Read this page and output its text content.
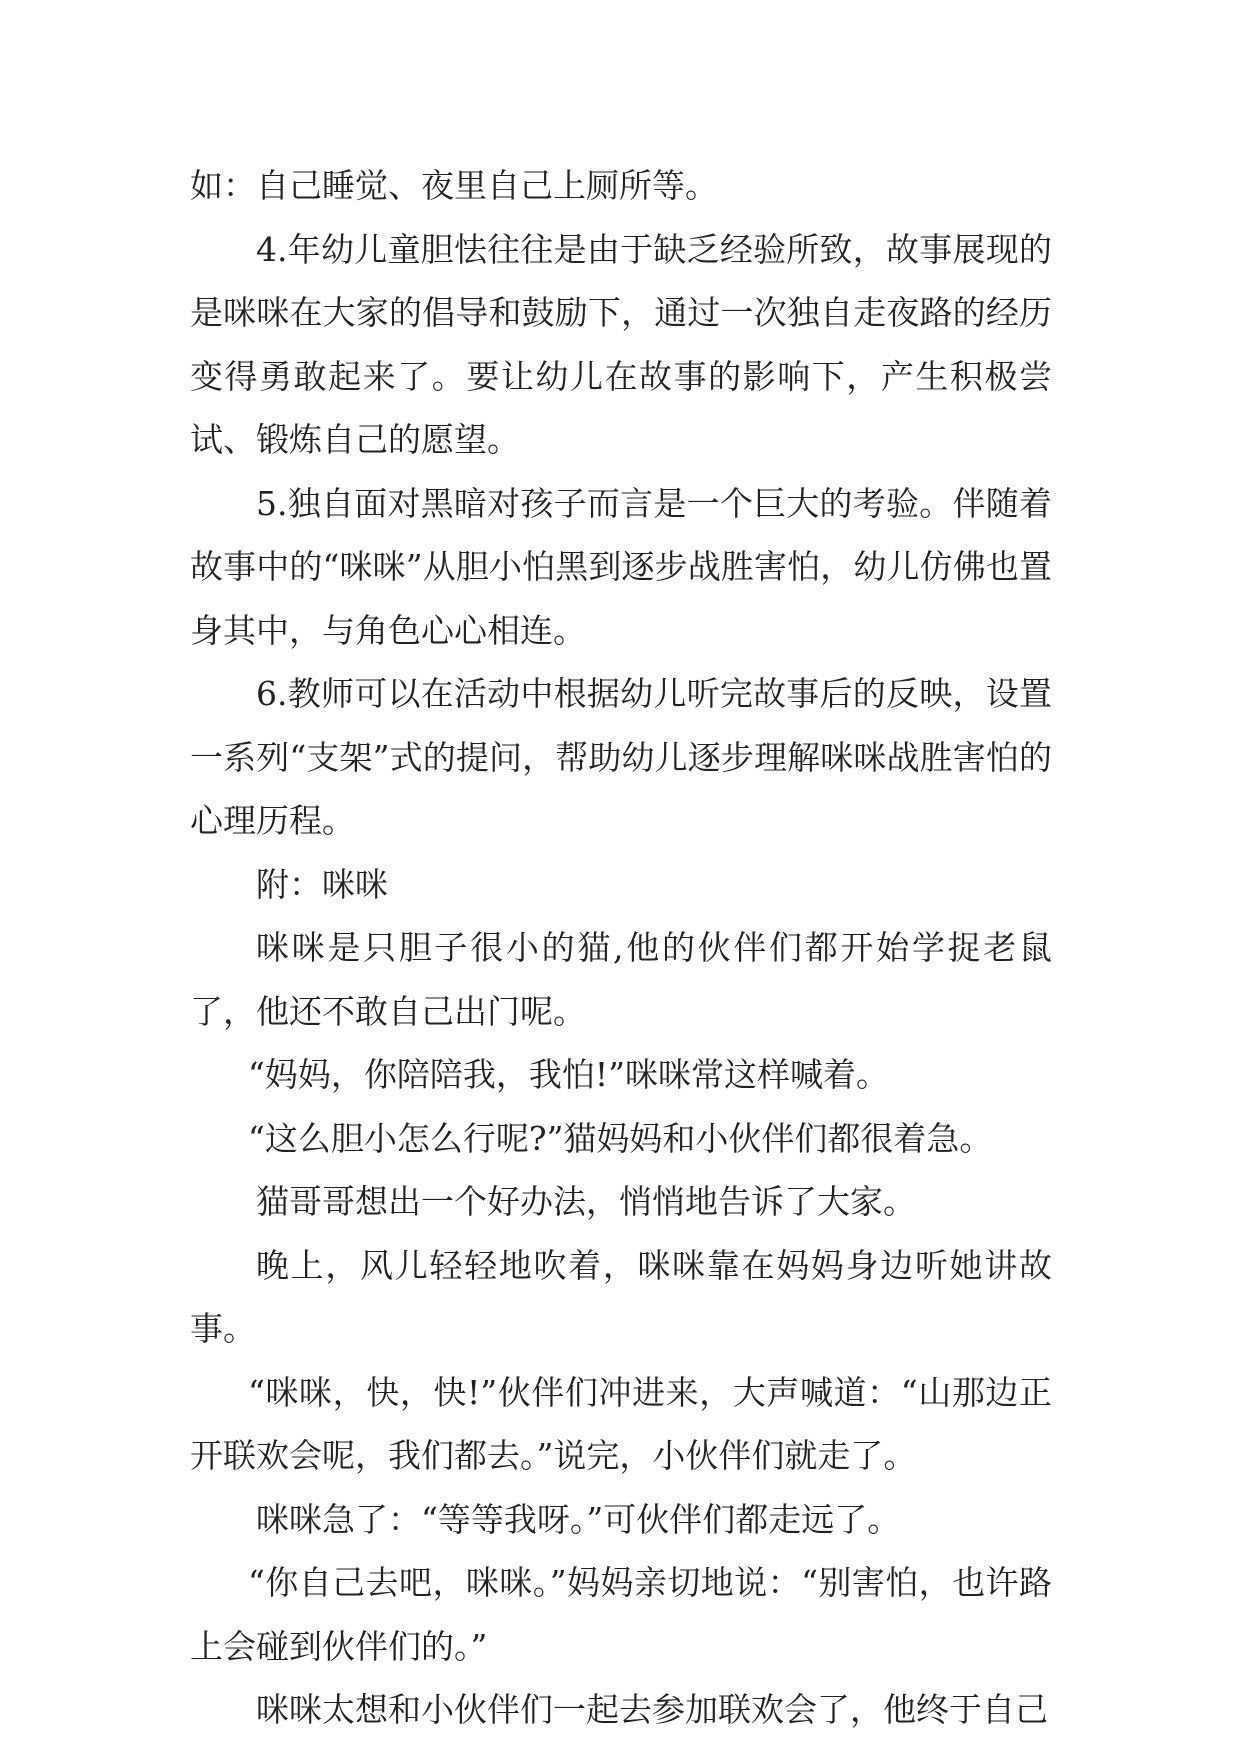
如：自己睡觉、夜里自己上厕所等。

4.年幼儿童胆怯往往是由于缺乏经验所致，故事展现的是咪咪在大家的倡导和鼓励下，通过一次独自走夜路的经历变得勇敢起来了。要让幼儿在故事的影响下，产生积极尝试、锻炼自己的愿望。

5.独自面对黑暗对孩子而言是一个巨大的考验。伴随着故事中的“咪咪”从胆小怕黑到逐步战胜害怕，幼儿仿佛也置身其中，与角色心心相连。

6.教师可以在活动中根据幼儿听完故事后的反映，设置一系列“支架”式的提问，帮助幼儿逐步理解咪咪战胜害怕的心理历程。

附：咪咪

咪咪是只胆子很小的猫,他的伙伴们都开始学捉老鼠了，他还不敢自己出门呢。

“妈妈，你陪陪我，我怕!”咪咪常这样喊着。

“这么胆小怎么行呢?”猫妈妈和小伙伴们都很着急。

猫哥哥想出一个好办法，悄悄地告诉了大家。

晚上，风儿轻轻地吹着，咪咪靠在妈妈身边听她讲故事。

“咪咪，快，快!”伙伴们冲进来，大声喊道：“山那边正开联欢会呢，我们都去。”说完，小伙伴们就走了。

咪咪急了：“等等我呀。”可伙伴们都走远了。

“你自己去吧，咪咪。”妈妈亲切地说：“别害怕，也许路上会碰到伙伴们的。”

咪咪太想和小伙伴们一起去参加联欢会了，他终于自己
